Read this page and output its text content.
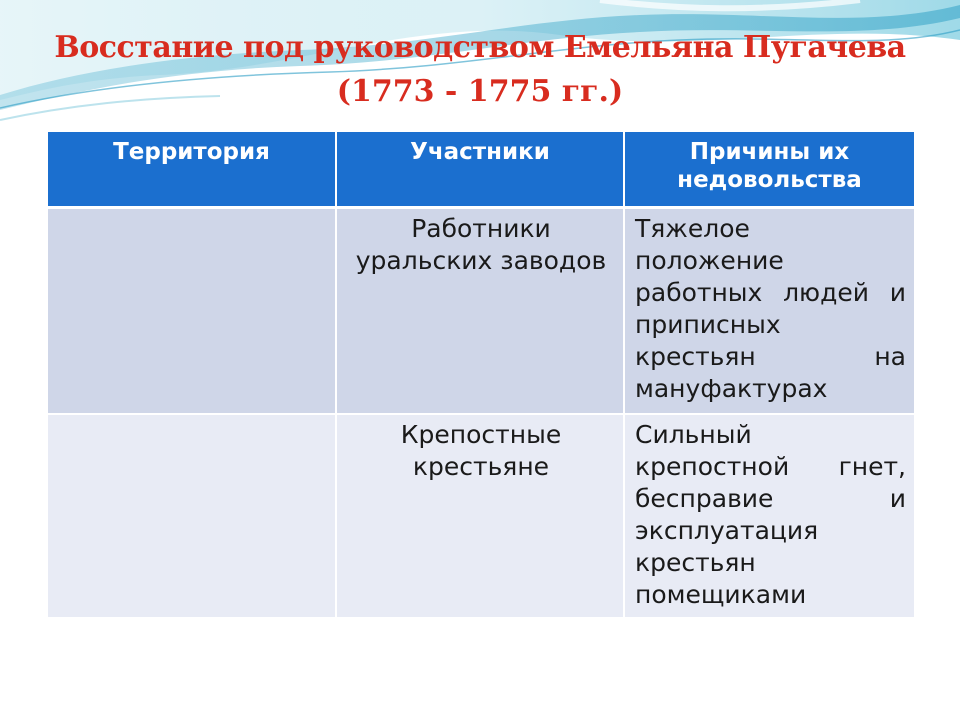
Восстание под руководством Емельяна Пугачева
(1773 - 1775 гг.)
Территория	Участники	Причины их недовольства
	Работники уральских заводов	Тяжелое положение работных людей и приписных крестьян на мануфактурах
	Крепостные крестьяне	Сильный крепостной гнет, бесправие и эксплуатация крестьян помещиками
